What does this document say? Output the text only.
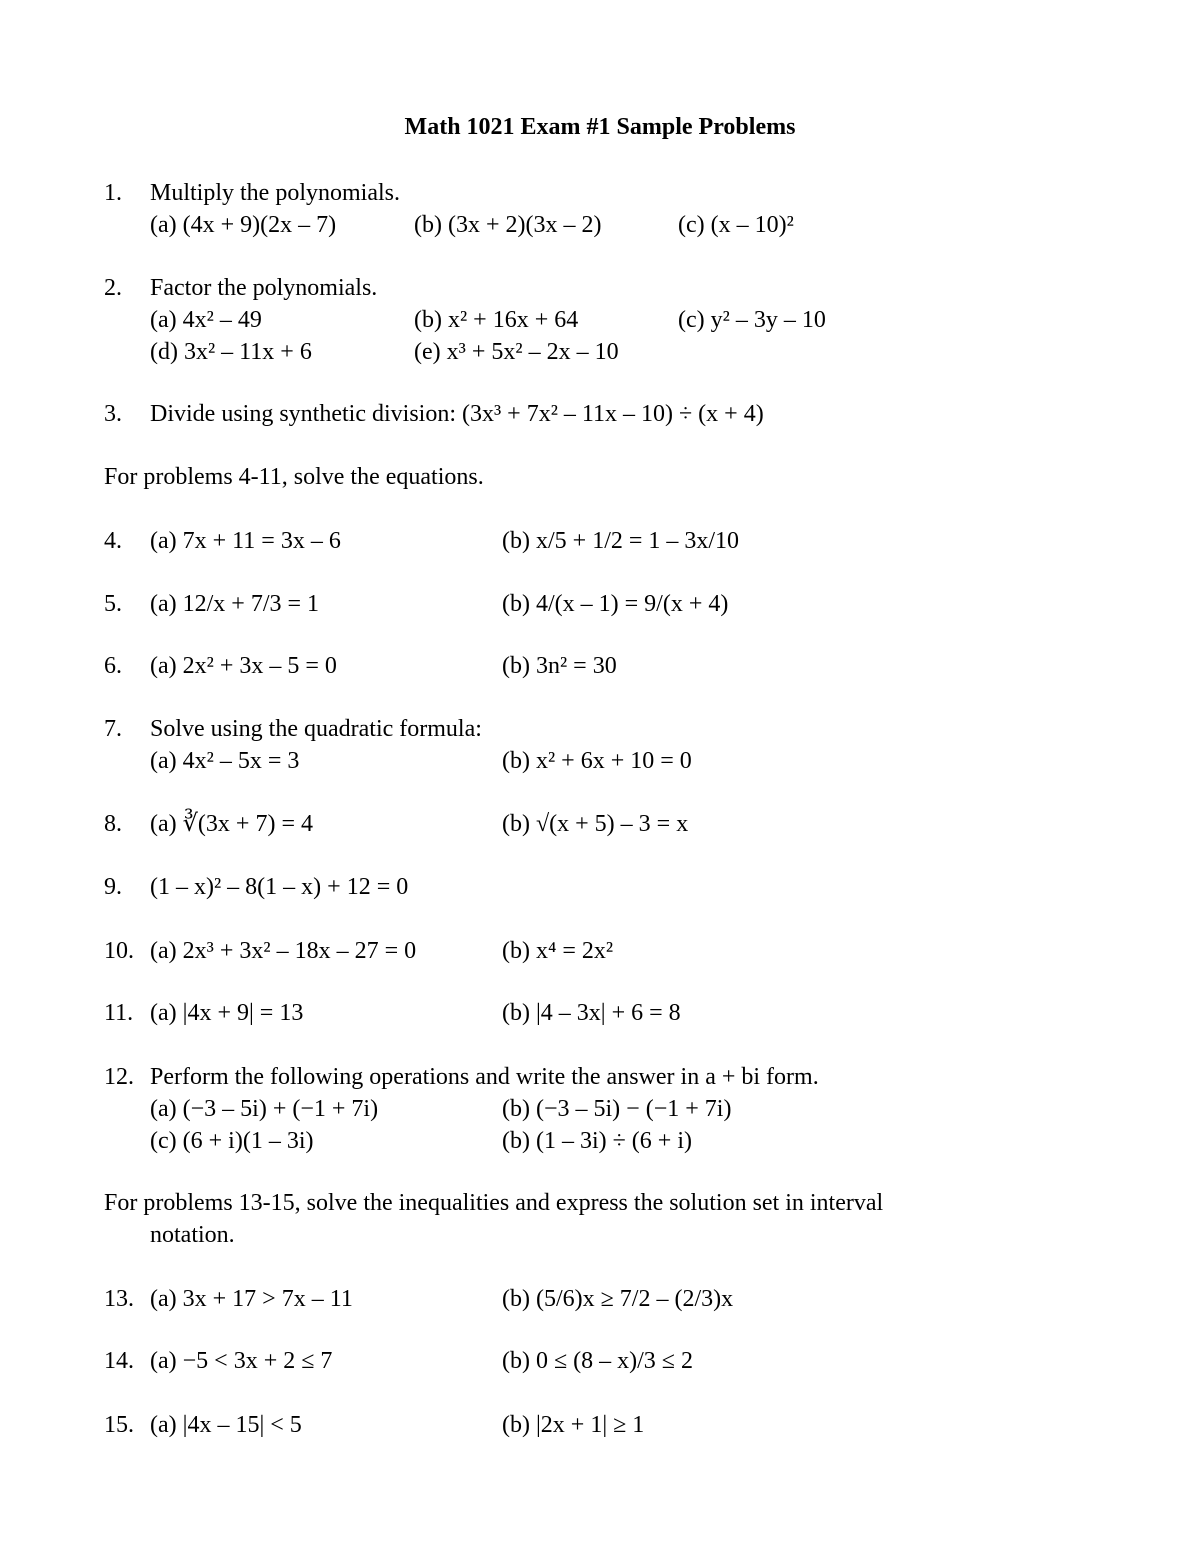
Math 1021 Exam #1 Sample Problems
1. Multiply the polynomials.
(a) (4x + 9)(2x – 7)	(b) (3x + 2)(3x – 2)	(c) (x – 10)²
2. Factor the polynomials.
(a) 4x² – 49	(b) x² + 16x + 64	(c) y² – 3y – 10
(d) 3x² – 11x + 6	(e) x³ + 5x² – 2x – 10
3. Divide using synthetic division: (3x³ + 7x² – 11x – 10) ÷ (x + 4)
For problems 4-11, solve the equations.
4. (a) 7x + 11 = 3x – 6	(b) x/5 + 1/2 = 1 – 3x/10
5. (a) 12/x + 7/3 = 1	(b) 4/(x – 1) = 9/(x + 4)
6. (a) 2x² + 3x – 5 = 0	(b) 3n² = 30
7. Solve using the quadratic formula:
(a) 4x² – 5x = 3	(b) x² + 6x + 10 = 0
8. (a) ∛(3x + 7) = 4	(b) √(x + 5) – 3 = x
9. (1 – x)² – 8(1 – x) + 12 = 0
10. (a) 2x³ + 3x² – 18x – 27 = 0	(b) x⁴ = 2x²
11. (a) |4x + 9| = 13	(b) |4 – 3x| + 6 = 8
12. Perform the following operations and write the answer in a + bi form.
(a) (−3 – 5i) + (−1 + 7i)	(b) (−3 – 5i) − (−1 + 7i)
(c) (6 + i)(1 – 3i)	(b) (1 – 3i) ÷ (6 + i)
For problems 13-15, solve the inequalities and express the solution set in interval
notation.
13. (a) 3x + 17 > 7x – 11	(b) (5/6)x ≥ 7/2 – (2/3)x
14. (a) −5 < 3x + 2 ≤ 7	(b) 0 ≤ (8 – x)/3 ≤ 2
15. (a) |4x – 15| < 5	(b) |2x + 1| ≥ 1
